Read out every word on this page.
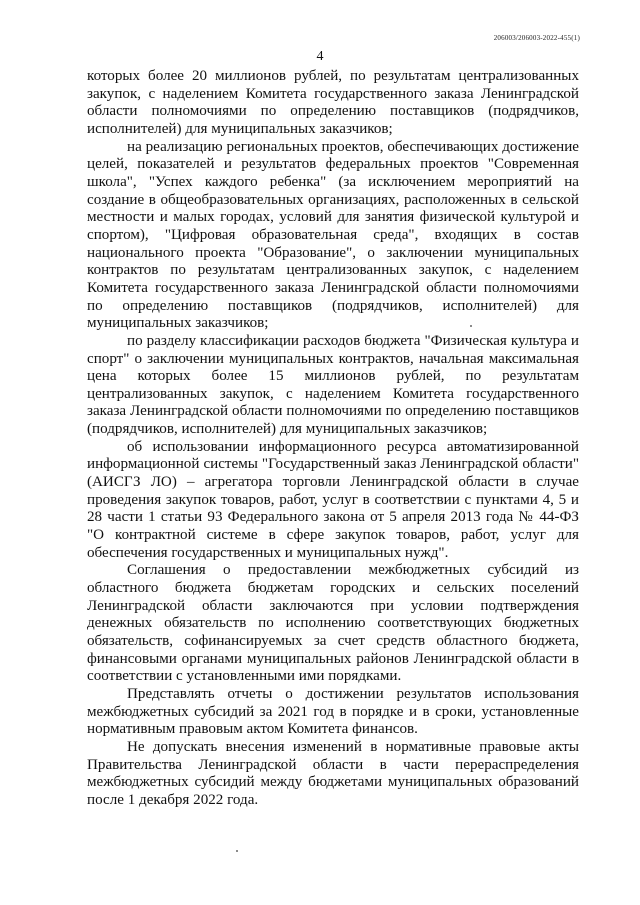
206003/206003-2022-455(1)
4

которых более 20 миллионов рублей, по результатам централизованных закупок, с наделением Комитета государственного заказа Ленинградской области полномочиями по определению поставщиков (подрядчиков, исполнителей) для муниципальных заказчиков;

на реализацию региональных проектов, обеспечивающих достижение целей, показателей и результатов федеральных проектов "Современная школа", "Успех каждого ребенка" (за исключением мероприятий на создание в общеобразовательных организациях, расположенных в сельской местности и малых городах, условий для занятия физической культурой и спортом), "Цифровая образовательная среда", входящих в состав национального проекта "Образование", о заключении муниципальных контрактов по результатам централизованных закупок, с наделением Комитета государственного заказа Ленинградской области полномочиями по определению поставщиков (подрядчиков, исполнителей) для муниципальных заказчиков;

по разделу классификации расходов бюджета "Физическая культура и спорт" о заключении муниципальных контрактов, начальная максимальная цена которых более 15 миллионов рублей, по результатам централизованных закупок, с наделением Комитета государственного заказа Ленинградской области полномочиями по определению поставщиков (подрядчиков, исполнителей) для муниципальных заказчиков;

об использовании информационного ресурса автоматизированной информационной системы "Государственный заказ Ленинградской области" (АИСГЗ ЛО) – агрегатора торговли Ленинградской области в случае проведения закупок товаров, работ, услуг в соответствии с пунктами 4, 5 и 28 части 1 статьи 93 Федерального закона от 5 апреля 2013 года № 44-ФЗ "О контрактной системе в сфере закупок товаров, работ, услуг для обеспечения государственных и муниципальных нужд".

Соглашения о предоставлении межбюджетных субсидий из областного бюджета бюджетам городских и сельских поселений Ленинградской области заключаются при условии подтверждения денежных обязательств по исполнению соответствующих бюджетных обязательств, софинансируемых за счет средств областного бюджета, финансовыми органами муниципальных районов Ленинградской области в соответствии с установленными ими порядками.

Представлять отчеты о достижении результатов использования межбюджетных субсидий за 2021 год в порядке и в сроки, установленные нормативным правовым актом Комитета финансов.

Не допускать внесения изменений в нормативные правовые акты Правительства Ленинградской области в части перераспределения межбюджетных субсидий между бюджетами муниципальных образований после 1 декабря 2022 года.
